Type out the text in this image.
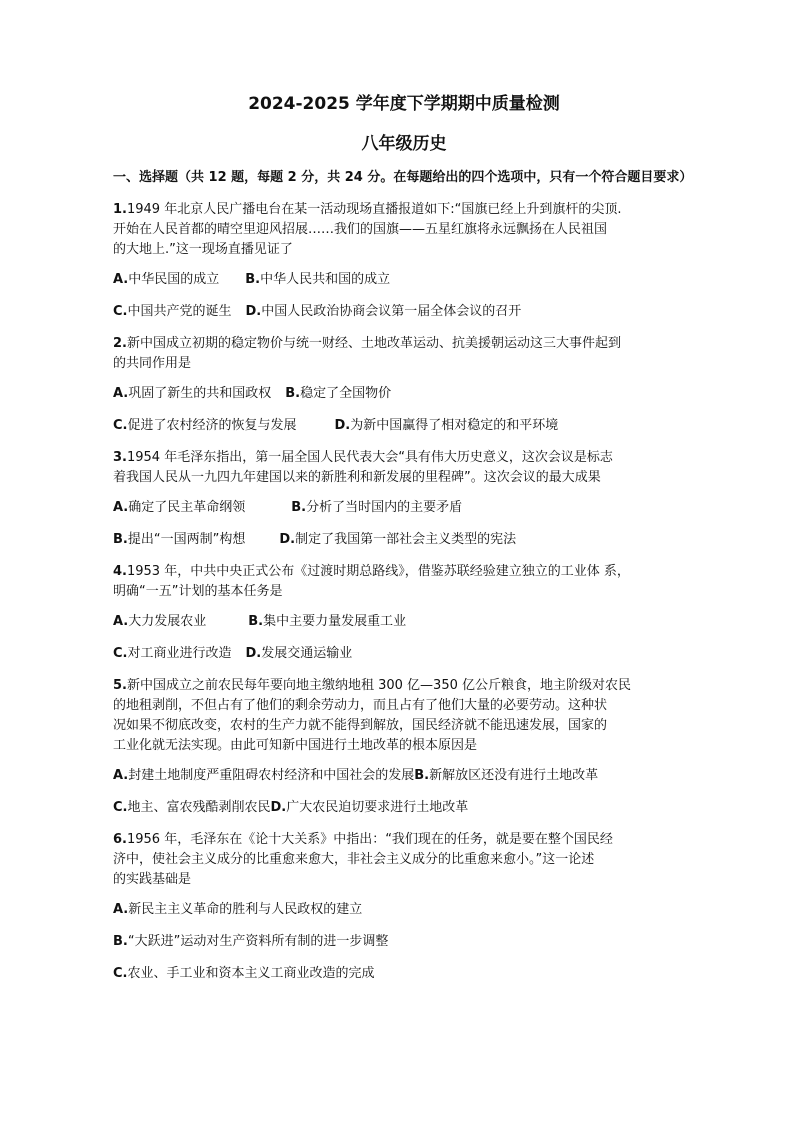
2024-2025 学年度下学期期中质量检测
八年级历史
一、选择题（共 12 题，每题 2 分，共 24 分。在每题给出的四个选项中，只有一个符合题目要求）
1.1949 年北京人民广播电台在某一活动现场直播报道如下:“国旗已经上升到旗杆的尖顶.
开始在人民首都的晴空里迎风招展……我们的国旗——五星红旗将永远飘扬在人民祖国
的大地上.”这一现场直播见证了
A.中华民国的成立 B.中华人民共和国的成立
C.中国共产党的诞生 D.中国人民政治协商会议第一届全体会议的召开
2.新中国成立初期的稳定物价与统一财经、土地改革运动、抗美援朝运动这三大事件起到
的共同作用是
A.巩固了新生的共和国政权 B.稳定了全国物价
C.促进了农村经济的恢复与发展	D.为新中国赢得了相对稳定的和平环境
3.1954 年毛泽东指出，第一届全国人民代表大会“具有伟大历史意义，这次会议是标志
着我国人民从一九四九年建国以来的新胜利和新发展的里程碑”。这次会议的最大成果
A.确定了民主革命纲领	B.分析了当时国内的主要矛盾
B.提出“一国两制”构想	D.制定了我国第一部社会主义类型的宪法
4.1953 年，中共中央正式公布《过渡时期总路线》，借鉴苏联经验建立独立的工业体 系，
明确“一五”计划的基本任务是
A.大力发展农业	B.集中主要力量发展重工业
C.对工商业进行改造 D.发展交通运输业
5.新中国成立之前农民每年要向地主缴纳地租 300 亿—350 亿公斤粮食，地主阶级对农民
的地租剥削，不但占有了他们的剩余劳动力，而且占有了他们大量的必要劳动。这种状
况如果不彻底改变，农村的生产力就不能得到解放，国民经济就不能迅速发展，国家的
工业化就无法实现。由此可知新中国进行土地改革的根本原因是
A.封建土地制度严重阻碍农村经济和中国社会的发展 B.新解放区还没有进行土地改革
C.地主、富农残酷剥削农民 D.广大农民迫切要求进行土地改革
6.1956 年，毛泽东在《论十大关系》中指出：“我们现在的任务，就是要在整个国民经
济中，使社会主义成分的比重愈来愈大，非社会主义成分的比重愈来愈小。”这一论述
的实践基础是
A.新民主主义革命的胜利与人民政权的建立
B.“大跃进”运动对生产资料所有制的进一步调整
C.农业、手工业和资本主义工商业改造的完成
